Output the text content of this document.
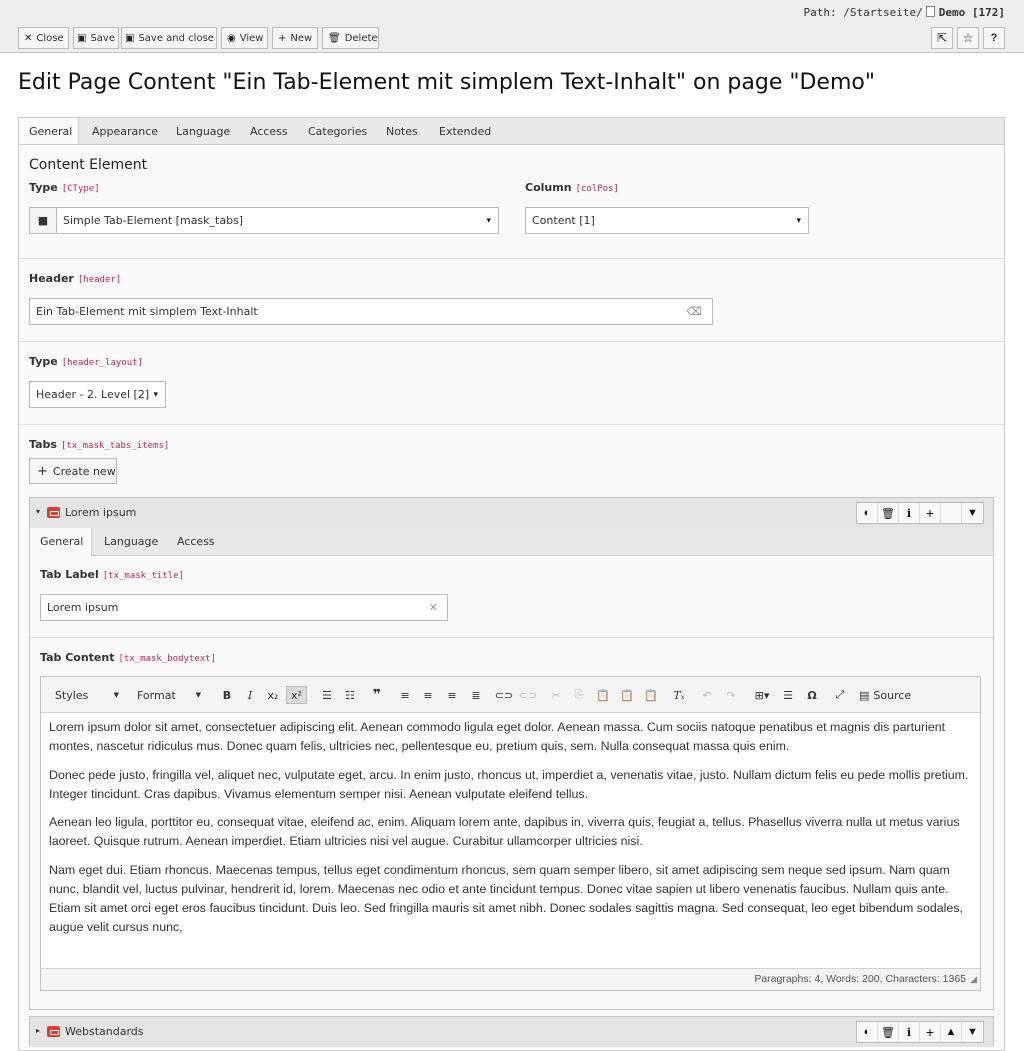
Path: /Startseite/ Demo [172]
✕ Close ▣ Save ▣ Save and close ◉ View + New 🗑 Delete	⇱ ☆ ?
Edit Page Content "Ein Tab-Element mit simplem Text-Inhalt" on page "Demo"
General	Appearance Language Access Categories Notes Extended
Content Element
Type [CType]
■	Simple Tab-Element [mask_tabs]	▾
Column [colPos]
Content [1]	▾
Header [header]
Ein Tab-Element mit simplem Text-Inhalt	⌫
Type [header_layout]
Header - 2. Level [2] ▾
Tabs [tx_mask_tabs_items]
+ Create new
▾ Lorem ipsum	◐ 🗑	i	+	▼
General	Language Access
Tab Label [tx_mask_title]
Lorem ipsum	✕
Tab Content [tx_mask_bodytext]
Styles	▼ Format	▼	B	I	x₂	x²	☰	☷	❞	≡	≡	≡	≣	⊂⊃ ⊂⊃	✂	⎘	📋 📋 📋	Tₓ	↶	↷	⊞▾	☰	Ω	⤢	▤ Source

Lorem ipsum dolor sit amet, consectetuer adipiscing elit. Aenean commodo ligula eget dolor. Aenean massa. Cum sociis natoque penatibus et magnis dis parturient montes, nascetur ridiculus mus. Donec quam felis, ultricies nec, pellentesque eu, pretium quis, sem. Nulla consequat massa quis enim.

Donec pede justo, fringilla vel, aliquet nec, vulputate eget, arcu. In enim justo, rhoncus ut, imperdiet a, venenatis vitae, justo. Nullam dictum felis eu pede mollis pretium. Integer tincidunt. Cras dapibus. Vivamus elementum semper nisi. Aenean vulputate eleifend tellus.

Aenean leo ligula, porttitor eu, consequat vitae, eleifend ac, enim. Aliquam lorem ante, dapibus in, viverra quis, feugiat a, tellus. Phasellus viverra nulla ut metus varius laoreet. Quisque rutrum. Aenean imperdiet. Etiam ultricies nisi vel augue. Curabitur ullamcorper ultricies nisi.

Nam eget dui. Etiam rhoncus. Maecenas tempus, tellus eget condimentum rhoncus, sem quam semper libero, sit amet adipiscing sem neque sed ipsum. Nam quam nunc, blandit vel, luctus pulvinar, hendrerit id, lorem. Maecenas nec odio et ante tincidunt tempus. Donec vitae sapien ut libero venenatis faucibus. Nullam quis ante. Etiam sit amet orci eget eros faucibus tincidunt. Duis leo. Sed fringilla mauris sit amet nibh. Donec sodales sagittis magna. Sed consequat, leo eget bibendum sodales, augue velit cursus nunc,

Paragraphs: 4, Words: 200, Characters: 1365 ◢
▸ Webstandards	◐ 🗑	i	+	▲ ▼
